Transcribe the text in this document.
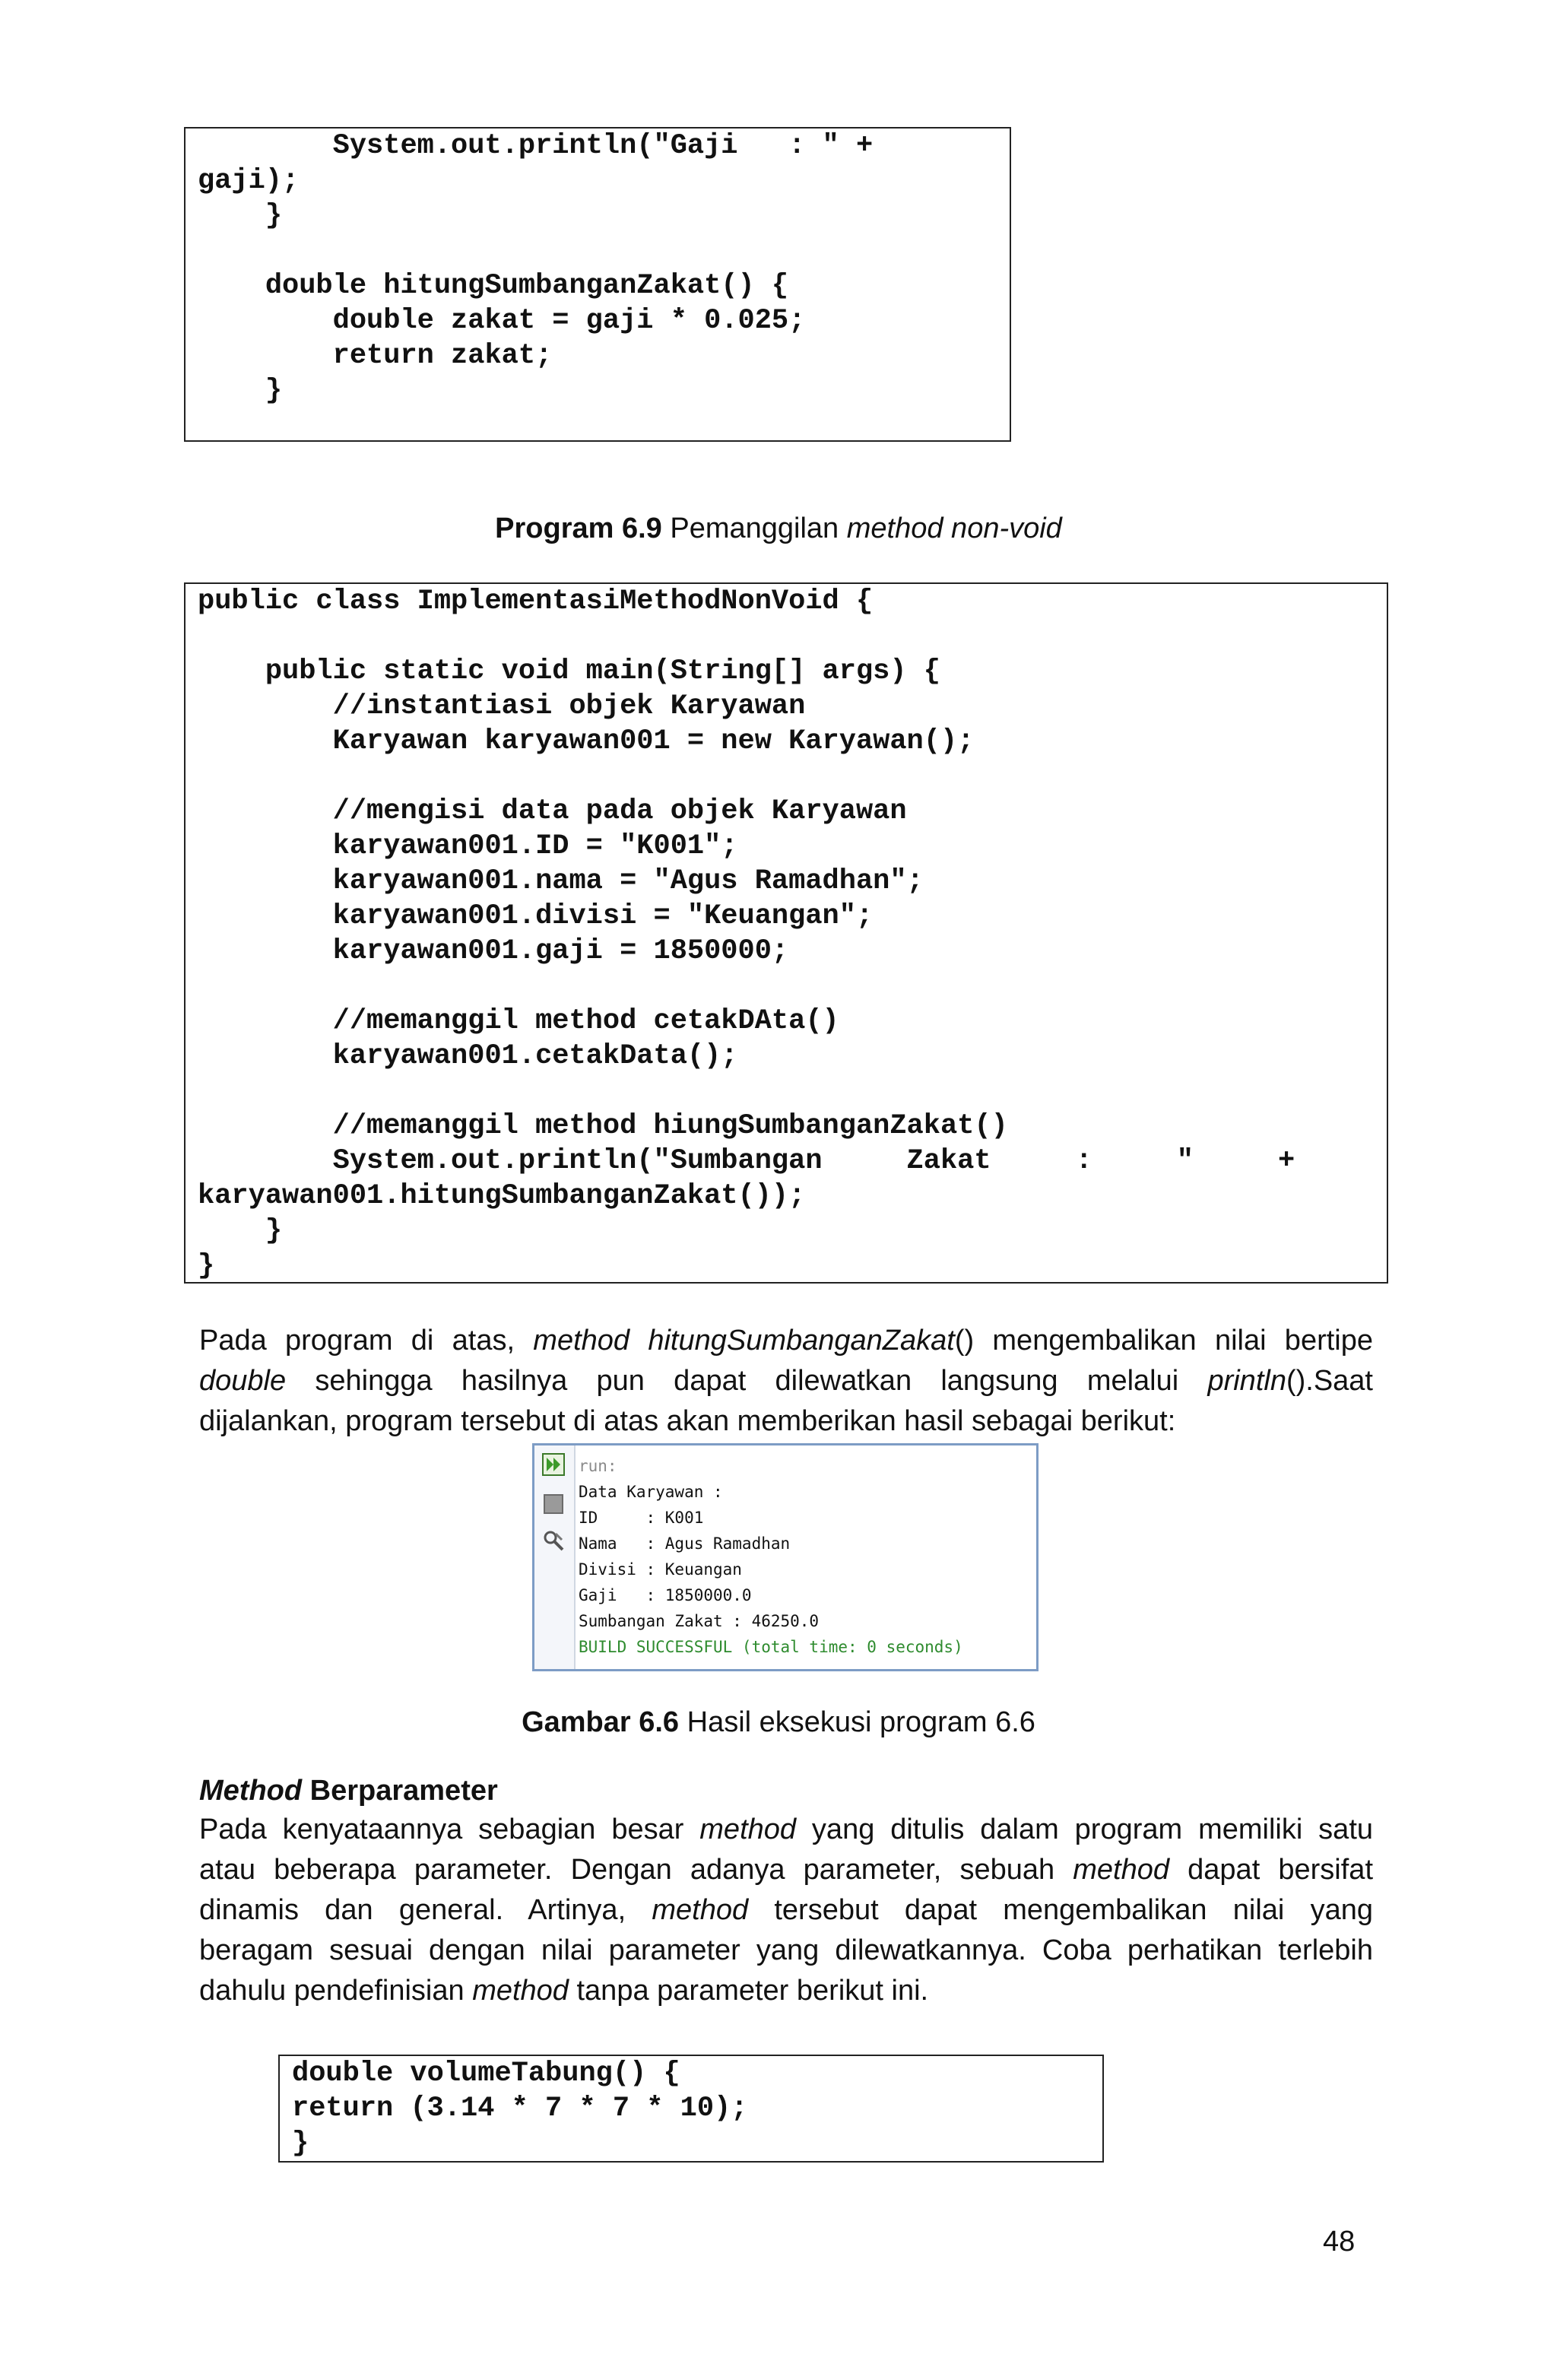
System.out.println("Gaji   : " +
gaji);
}
double hitungSumbanganZakat() {
double zakat = gaji * 0.025;
return zakat;
}
Program 6.9 Pemanggilan method non-void
public class ImplementasiMethodNonVoid {
public static void main(String[] args) {
//instantiasi objek Karyawan
Karyawan karyawan001 = new Karyawan();
//mengisi data pada objek Karyawan
karyawan001.ID = "K001";
karyawan001.nama = "Agus Ramadhan";
karyawan001.divisi = "Keuangan";
karyawan001.gaji = 1850000;
//memanggil method cetakDAta()
karyawan001.cetakData();
//memanggil method hiungSumbanganZakat()
System.out.println("Sumbangan     Zakat     :     "     +
karyawan001.hitungSumbanganZakat());
}
}
Pada program di atas, method hitungSumbanganZakat() mengembalikan nilai bertipe
double sehingga hasilnya pun dapat dilewatkan langsung melalui println().Saat
dijalankan, program tersebut di atas akan memberikan hasil sebagai berikut:
run:
Data Karyawan :
ID     : K001
Nama   : Agus Ramadhan
Divisi : Keuangan
Gaji   : 1850000.0
Sumbangan Zakat : 46250.0
BUILD SUCCESSFUL (total time: 0 seconds)
Gambar 6.6 Hasil eksekusi program 6.6
Method Berparameter
Pada kenyataannya sebagian besar method yang ditulis dalam program memiliki satu
atau beberapa parameter. Dengan adanya parameter, sebuah method dapat bersifat
dinamis dan general. Artinya, method tersebut dapat mengembalikan nilai yang
beragam sesuai dengan nilai parameter yang dilewatkannya. Coba perhatikan terlebih
dahulu pendefinisian method tanpa parameter berikut ini.
double volumeTabung() {
return (3.14 * 7 * 7 * 10);
}
48
